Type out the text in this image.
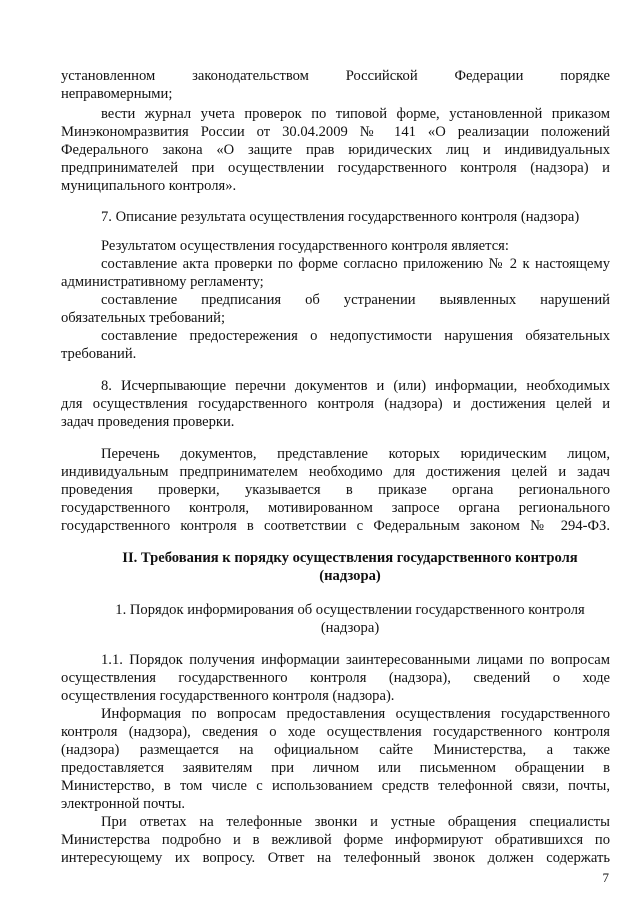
установленном законодательством Российской Федерации порядке

неправомерными;

вести журнал учета проверок по типовой форме, установленной приказом

Минэкономразвития России от 30.04.2009 № 141 «О реализации положений

Федерального закона «О защите прав юридических лиц и индивидуальных

предпринимателей при осуществлении государственного контроля (надзора) и

муниципального контроля».

7. Описание результата осуществления государственного контроля (надзора)

Результатом осуществления государственного контроля является:

составление акта проверки по форме согласно приложению № 2 к настоящему

административному регламенту;

составление предписания об устранении выявленных нарушений

обязательных требований;

составление предостережения о недопустимости нарушения обязательных

требований.

8. Исчерпывающие перечни документов и (или) информации, необходимых

для осуществления государственного контроля (надзора) и достижения целей и

задач проведения проверки.

Перечень документов, представление которых юридическим лицом,

индивидуальным предпринимателем необходимо для достижения целей и задач

проведения проверки, указывается в приказе органа регионального

государственного контроля, мотивированном запросе органа регионального

государственного контроля в соответствии с Федеральным законом № 294-ФЗ.

II. Требования к порядку осуществления государственного контроля

(надзора)

1. Порядок информирования об осуществлении государственного контроля

(надзора)

1.1. Порядок получения информации заинтересованными лицами по вопросам

осуществления государственного контроля (надзора), сведений о ходе

осуществления государственного контроля (надзора).

Информация по вопросам предоставления осуществления государственного

контроля (надзора), сведения о ходе осуществления государственного контроля

(надзора) размещается на официальном сайте Министерства, а также

предоставляется заявителям при личном или письменном обращении в

Министерство, в том числе с использованием средств телефонной связи, почты,

электронной почты.

При ответах на телефонные звонки и устные обращения специалисты

Министерства подробно и в вежливой форме информируют обратившихся по

интересующему их вопросу. Ответ на телефонный звонок должен содержать

7
